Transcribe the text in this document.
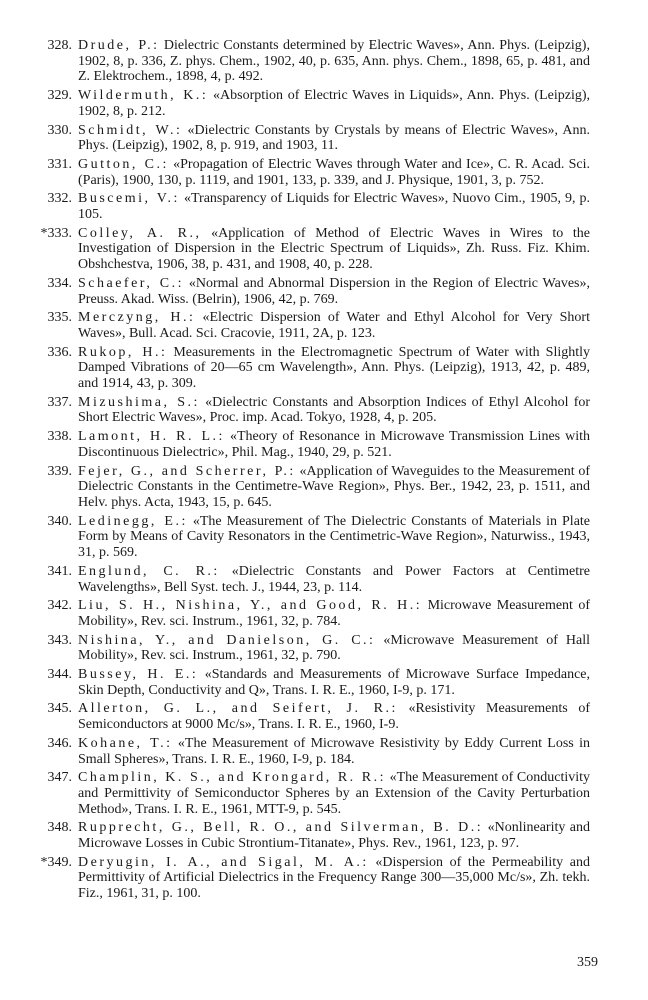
328. Drude, P.: Dielectric Constants determined by Electric Waves», Ann. Phys. (Leipzig), 1902, 8, p. 336, Z. phys. Chem., 1902, 40, p. 635, Ann. phys. Chem., 1898, 65, p. 481, and Z. Elektrochem., 1898, 4, p. 492.
329. Wildermuth, K.: «Absorption of Electric Waves in Liquids», Ann. Phys. (Leipzig), 1902, 8, p. 212.
330. Schmidt, W.: «Dielectric Constants by Crystals by means of Electric Waves», Ann. Phys. (Leipzig), 1902, 8, p. 919, and 1903, 11.
331. Gutton, C.: «Propagation of Electric Waves through Water and Ice», C. R. Acad. Sci. (Paris), 1900, 130, p. 1119, and 1901, 133, p. 339, and J. Physique, 1901, 3, p. 752.
332. Buscemi, V.: «Transparency of Liquids for Electric Waves», Nuovo Cim., 1905, 9, p. 105.
*333. Colley, A. R., «Application of Method of Electric Waves in Wires to the Investigation of Dispersion in the Electric Spectrum of Liquids», Zh. Russ. Fiz. Khim. Obshchestva, 1906, 38, p. 431, and 1908, 40, p. 228.
334. Schaefer, C.: «Normal and Abnormal Dispersion in the Region of Electric Waves», Preuss. Akad. Wiss. (Belrin), 1906, 42, p. 769.
335. Merczyng, H.: «Electric Dispersion of Water and Ethyl Alcohol for Very Short Waves», Bull. Acad. Sci. Cracovie, 1911, 2A, p. 123.
336. Rukop, H.: Measurements in the Electromagnetic Spectrum of Water with Slightly Damped Vibrations of 20—65 cm Wavelength», Ann. Phys. (Leipzig), 1913, 42, p. 489, and 1914, 43, p. 309.
337. Mizushima, S.: «Dielectric Constants and Absorption Indices of Ethyl Alcohol for Short Electric Waves», Proc. imp. Acad. Tokyo, 1928, 4, p. 205.
338. Lamont, H. R. L.: «Theory of Resonance in Microwave Transmission Lines with Discontinuous Dielectric», Phil. Mag., 1940, 29, p. 521.
339. Fejer, G., and Scherrer, P.: «Application of Waveguides to the Measurement of Dielectric Constants in the Centimetre-Wave Region», Phys. Ber., 1942, 23, p. 1511, and Helv. phys. Acta, 1943, 15, p. 645.
340. Ledinegg, E.: «The Measurement of The Dielectric Constants of Materials in Plate Form by Means of Cavity Resonators in the Centimetric-Wave Region», Naturwiss., 1943, 31, p. 569.
341. Englund, C. R.: «Dielectric Constants and Power Factors at Centimetre Wavelengths», Bell Syst. tech. J., 1944, 23, p. 114.
342. Liu, S. H., Nishina, Y., and Good, R. H.: Microwave Measurement of Mobility», Rev. sci. Instrum., 1961, 32, p. 784.
343. Nishina, Y., and Danielson, G. C.: «Microwave Measurement of Hall Mobility», Rev. sci. Instrum., 1961, 32, p. 790.
344. Bussey, H. E.: «Standards and Measurements of Microwave Surface Impedance, Skin Depth, Conductivity and Q», Trans. I. R. E., 1960, I-9, p. 171.
345. Allerton, G. L., and Seifert, J. R.: «Resistivity Measurements of Semiconductors at 9000 Mc/s», Trans. I. R. E., 1960, I-9.
346. Kohane, T.: «The Measurement of Microwave Resistivity by Eddy Current Loss in Small Spheres», Trans. I. R. E., 1960, I-9, p. 184.
347. Champlin, K. S., and Krongard, R. R.: «The Measurement of Conductivity and Permittivity of Semiconductor Spheres by an Extension of the Cavity Perturbation Method», Trans. I. R. E., 1961, MTT-9, p. 545.
348. Rupprecht, G., Bell, R. O., and Silverman, B. D.: «Nonlinearity and Microwave Losses in Cubic Strontium-Titanate», Phys. Rev., 1961, 123, p. 97.
*349. Deryugin, I. A., and Sigal, M. A.: «Dispersion of the Permeability and Permittivity of Artificial Dielectrics in the Frequency Range 300—35,000 Mc/s», Zh. tekh. Fiz., 1961, 31, p. 100.
359
